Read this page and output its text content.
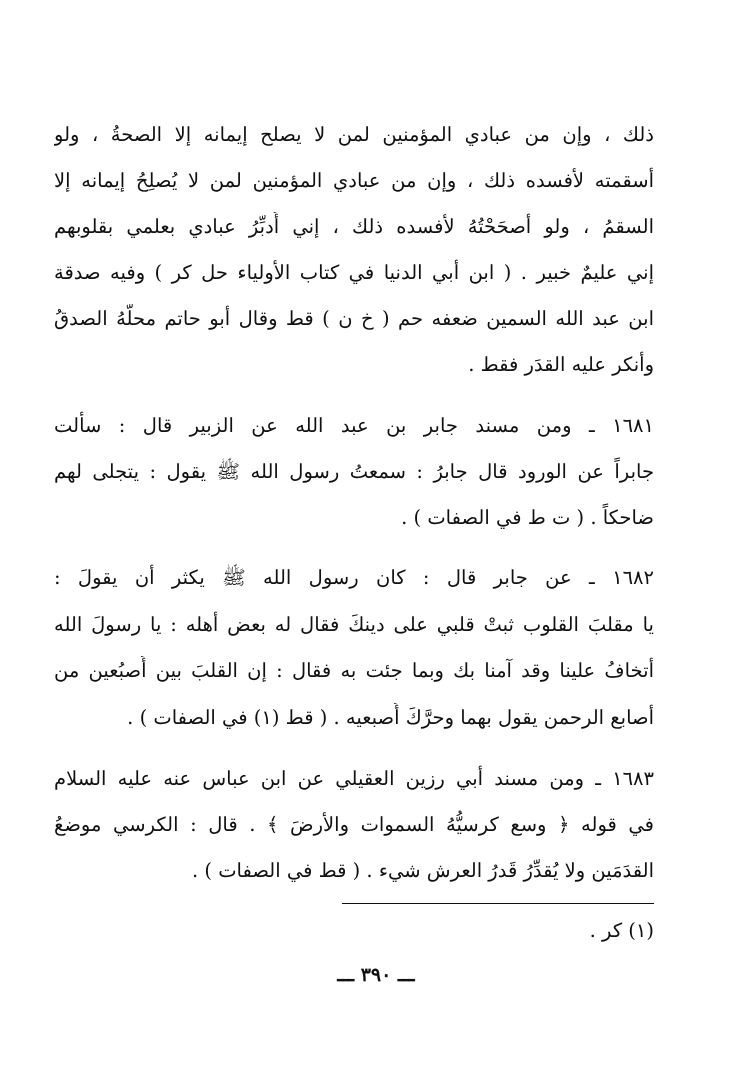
ذلك ، وإن من عبادي المؤمنين لمن لا يصلح إيمانه إلا الصحةُ ، ولو
أسقمته لأفسده ذلك ، وإن من عبادي المؤمنين لمن لا يُصلِحُ إيمانه إلا
السقمُ ، ولو أصحَحْتُهُ لأفسده ذلك ، إني أُدبِّرُ عبادي بعلمي بقلوبهم
إني عليمٌ خبير . ( ابن أبي الدنيا في كتاب الأولياء حل كر ) وفيه صدقة
ابن عبد الله السمين ضعفه حم ( خ ن ) قط وقال أبو حاتم محلُّهُ الصدقُ
وأنكر عليه القدَر فقط .
١٦٨١ ـ ومن مسند جابر بن عبد الله عن الزبير قال : سألت
جابراً عن الورود قال جابرُ : سمعتُ رسول الله ﷺ يقول : يتجلى لهم
ضاحكاً . ( ت ط في الصفات ) .
١٦٨٢ ـ عن جابر قال : كان رسول الله ﷺ يكثر أن يقولَ :
يا مقلبَ القلوب ثبتْ قلبي على دينكَ فقال له بعض أهله : يا رسولَ الله
أتخافُ علينا وقد آمنا بك وبما جئت به فقال : إن القلبَ بين أُصبُعين من
أصابع الرحمن يقول بهما وحرَّكَ أُصبعيه . ( قط (١) في الصفات ) .
١٦٨٣ ـ ومن مسند أبي رزين العقيلي عن ابن عباس عنه عليه السلام
في قوله ﴿ وسع كرسيُّهُ السموات والأرضَ ﴾ . قال : الكرسي موضعُ
القدَمَين ولا يُقدِّرُ قَدرُ العرش شيء . ( قط في الصفات ) .
(١) كر .
ـــ ٣٩٠ ـــ
